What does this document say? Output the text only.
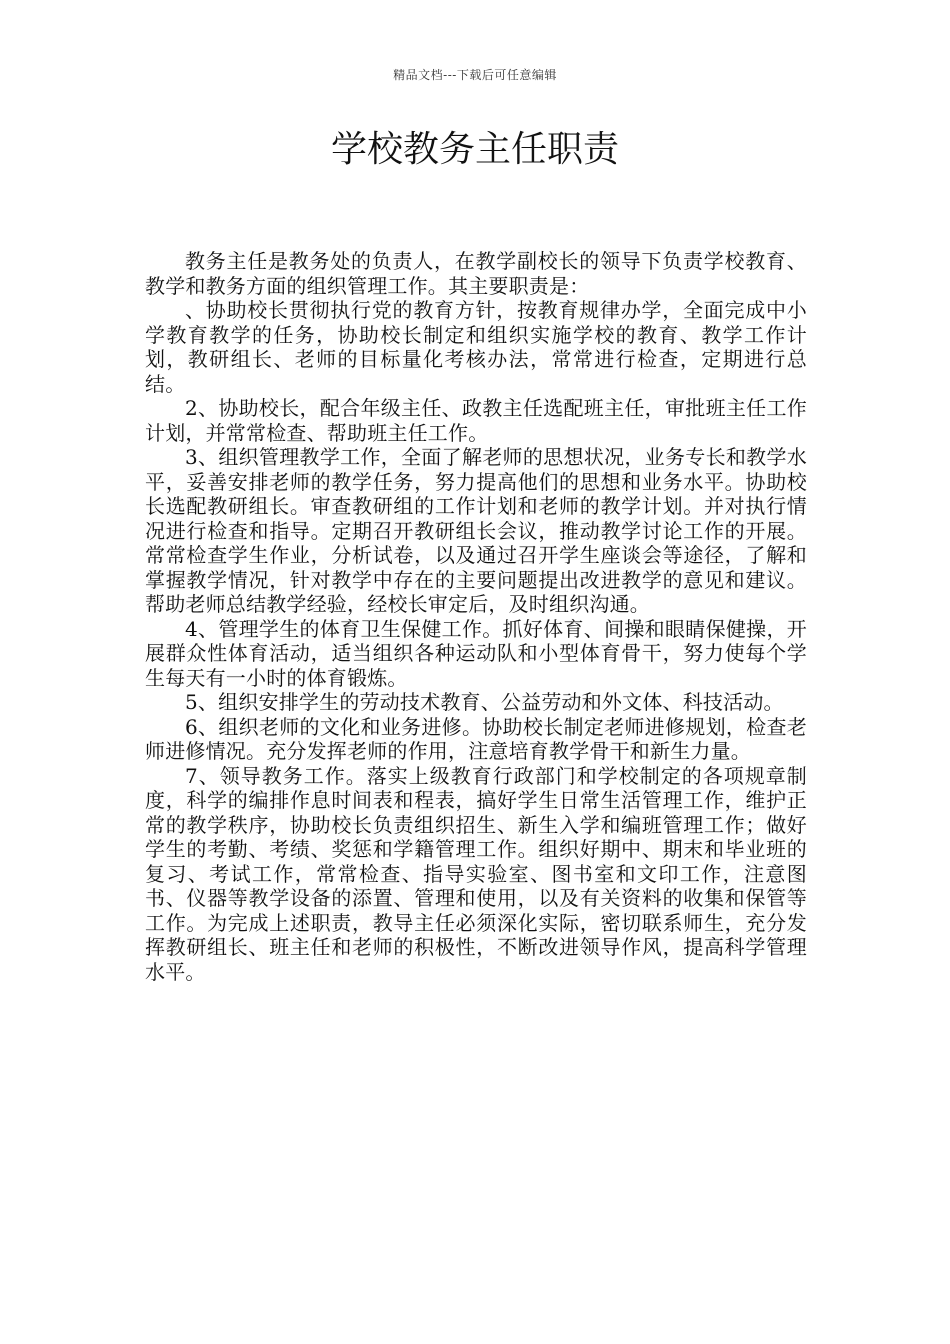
精品文档---下载后可任意编辑
学校教务主任职责

教务主任是教务处的负责人，在教学副校长的领导下负责学校教育、教学和教务方面的组织管理工作。其主要职责是：

、协助校长贯彻执行党的教育方针，按教育规律办学，全面完成中小学教育教学的任务，协助校长制定和组织实施学校的教育、教学工作计划，教研组长、老师的目标量化考核办法，常常进行检查，定期进行总结。

2、协助校长，配合年级主任、政教主任选配班主任，审批班主任工作计划，并常常检查、帮助班主任工作。

3、组织管理教学工作，全面了解老师的思想状况，业务专长和教学水平，妥善安排老师的教学任务，努力提高他们的思想和业务水平。协助校长选配教研组长。审查教研组的工作计划和老师的教学计划。并对执行情况进行检查和指导。定期召开教研组长会议，推动教学讨论工作的开展。常常检查学生作业，分析试卷，以及通过召开学生座谈会等途径，了解和掌握教学情况，针对教学中存在的主要问题提出改进教学的意见和建议。帮助老师总结教学经验，经校长审定后，及时组织沟通。

4、管理学生的体育卫生保健工作。抓好体育、间操和眼睛保健操，开展群众性体育活动，适当组织各种运动队和小型体育骨干，努力使每个学生每天有一小时的体育锻炼。

5、组织安排学生的劳动技术教育、公益劳动和外文体、科技活动。

6、组织老师的文化和业务进修。协助校长制定老师进修规划，检查老师进修情况。充分发挥老师的作用，注意培育教学骨干和新生力量。

7、领导教务工作。落实上级教育行政部门和学校制定的各项规章制度，科学的编排作息时间表和程表，搞好学生日常生活管理工作，维护正常的教学秩序，协助校长负责组织招生、新生入学和编班管理工作；做好学生的考勤、考绩、奖惩和学籍管理工作。组织好期中、期末和毕业班的复习、考试工作，常常检查、指导实验室、图书室和文印工作，注意图书、仪器等教学设备的添置、管理和使用，以及有关资料的收集和保管等工作。为完成上述职责，教导主任必须深化实际，密切联系师生，充分发挥教研组长、班主任和老师的积极性，不断改进领导作风，提高科学管理水平。
